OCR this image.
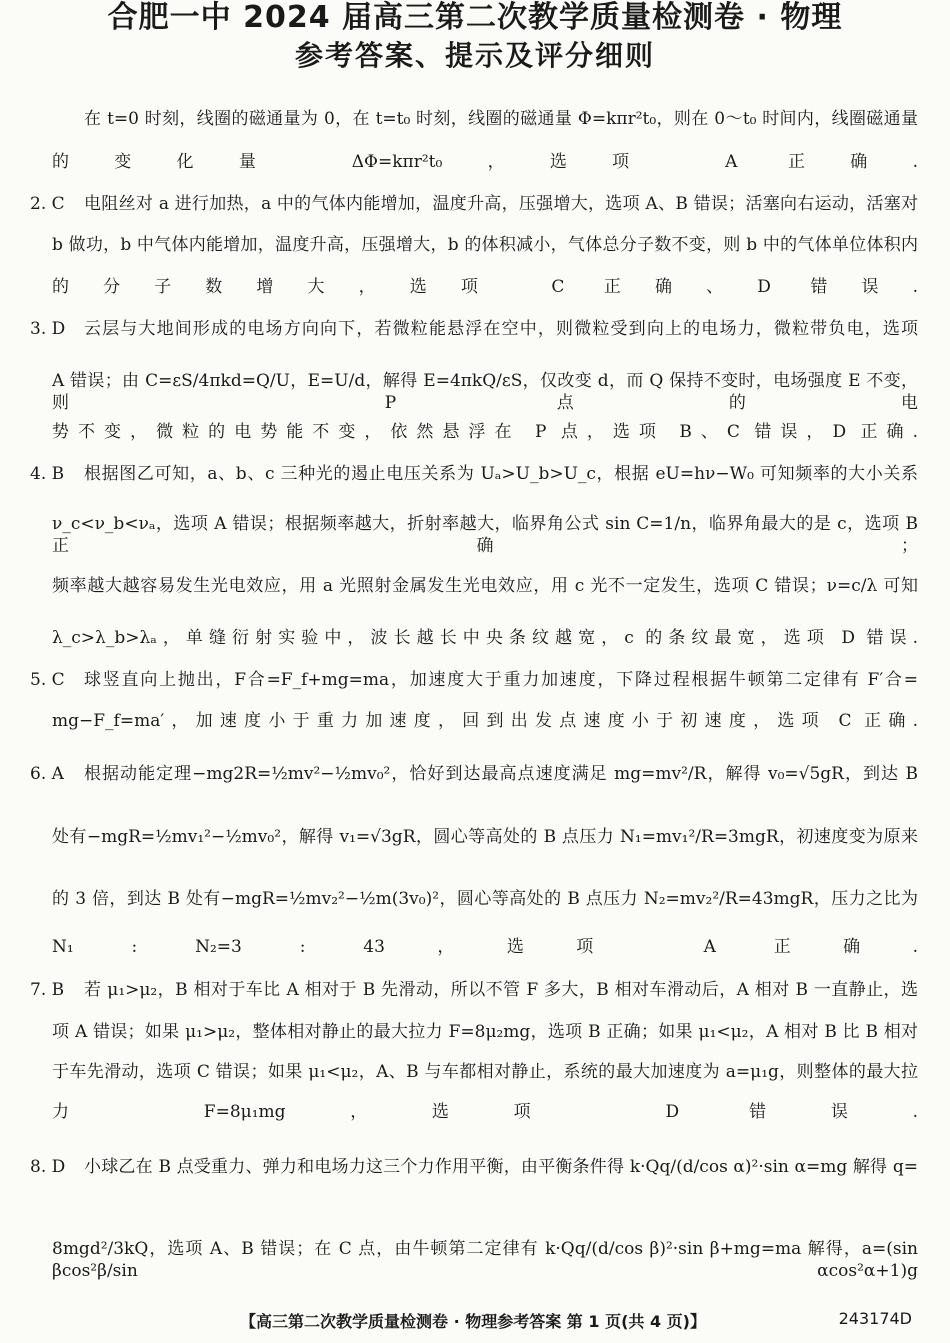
合肥一中 2024 届高三第二次教学质量检测卷 · 物理
参考答案、提示及评分细则
在 t=0 时刻，线圈的磁通量为 0，在 t=t₀ 时刻，线圈的磁通量 Φ=kπr²t₀，则在 0～t₀ 时间内，线圈磁通量
的变化量 ΔΦ=kπr²t₀，选项 A 正确.
2. C 电阻丝对 a 进行加热，a 中的气体内能增加，温度升高，压强增大，选项 A、B 错误；活塞向右运动，活塞对
b 做功，b 中气体内能增加，温度升高，压强增大，b 的体积减小，气体总分子数不变，则 b 中的气体单位体积内
的分子数增大，选项 C 正确、D 错误.
3. D 云层与大地间形成的电场方向向下，若微粒能悬浮在空中，则微粒受到向上的电场力，微粒带负电，选项
A 错误；由 C=εS/4πkd=Q/U，E=U/d，解得 E=4πkQ/εS，仅改变 d，而 Q 保持不变时，电场强度 E 不变，则 P 点的电
势不变，微粒的电势能不变，依然悬浮在 P 点，选项 B、C 错误，D 正确.
4. B 根据图乙可知，a、b、c 三种光的遏止电压关系为 Uₐ>U_b>U_c，根据 eU=hν−W₀ 可知频率的大小关系
ν_c<ν_b<νₐ，选项 A 错误；根据频率越大，折射率越大，临界角公式 sin C=1/n，临界角最大的是 c，选项 B 正确；
频率越大越容易发生光电效应，用 a 光照射金属发生光电效应，用 c 光不一定发生，选项 C 错误；ν=c/λ 可知
λ_c>λ_b>λₐ，单缝衍射实验中，波长越长中央条纹越宽，c 的条纹最宽，选项 D 错误.
5. C 球竖直向上抛出，F合=F_f+mg=ma，加速度大于重力加速度，下降过程根据牛顿第二定律有 F′合=
mg−F_f=ma′，加速度小于重力加速度，回到出发点速度小于初速度，选项 C 正确.
6. A 根据动能定理−mg2R=½mv²−½mv₀²，恰好到达最高点速度满足 mg=mv²/R，解得 v₀=√5gR，到达 B
处有−mgR=½mv₁²−½mv₀²，解得 v₁=√3gR，圆心等高处的 B 点压力 N₁=mv₁²/R=3mgR，初速度变为原来
的 3 倍，到达 B 处有−mgR=½mv₂²−½m(3v₀)²，圆心等高处的 B 点压力 N₂=mv₂²/R=43mgR，压力之比为
N₁ : N₂=3 : 43，选项 A 正确.
7. B 若 μ₁>μ₂，B 相对于车比 A 相对于 B 先滑动，所以不管 F 多大，B 相对车滑动后，A 相对 B 一直静止，选
项 A 错误；如果 μ₁>μ₂，整体相对静止的最大拉力 F=8μ₂mg，选项 B 正确；如果 μ₁<μ₂，A 相对 B 比 B 相对
于车先滑动，选项 C 错误；如果 μ₁<μ₂，A、B 与车都相对静止，系统的最大加速度为 a=μ₁g，则整体的最大拉
力 F=8μ₁mg，选项 D 错误.
8. D 小球乙在 B 点受重力、弹力和电场力这三个力作用平衡，由平衡条件得 k·Qq/(d/cos α)²·sin α=mg 解得 q=
8mgd²/3kQ，选项 A、B 错误；在 C 点，由牛顿第二定律有 k·Qq/(d/cos β)²·sin β+mg=ma 解得，a=(sin βcos²β/sin αcos²α+1)g
【高三第二次教学质量检测卷 · 物理参考答案 第 1 页(共 4 页)】	243174D
